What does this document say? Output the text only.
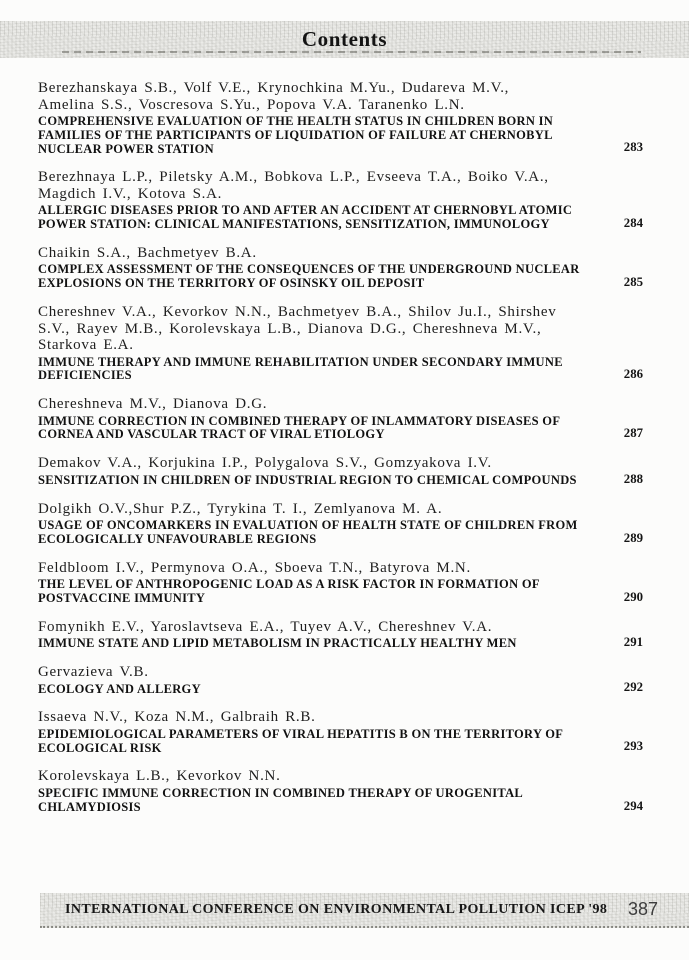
Contents

Berezhanskaya S.B., Volf V.E., Krynochkina M.Yu., Dudareva M.V., Amelina S.S., Voscresova S.Yu., Popova V.A. Taranenko L.N.

COMPREHENSIVE EVALUATION OF THE HEALTH STATUS IN CHILDREN BORN IN FAMILIES OF THE PARTICIPANTS OF LIQUIDATION OF FAILURE AT CHERNOBYL NUCLEAR POWER STATION	283

Berezhnaya L.P., Piletsky A.M., Bobkova L.P., Evseeva T.A., Boiko V.A., Magdich I.V., Kotova S.A.

ALLERGIC DISEASES PRIOR TO AND AFTER AN ACCIDENT AT CHERNOBYL ATOMIC POWER STATION: CLINICAL MANIFESTATIONS, SENSITIZATION, IMMUNOLOGY	284

Chaikin S.A., Bachmetyev B.A.

COMPLEX ASSESSMENT OF THE CONSEQUENCES OF THE UNDERGROUND NUCLEAR EXPLOSIONS ON THE TERRITORY OF OSINSKY OIL DEPOSIT	285

Chereshnev V.A., Kevorkov N.N., Bachmetyev B.A., Shilov Ju.I., Shirshev S.V., Rayev M.B., Korolevskaya L.B., Dianova D.G., Chereshneva M.V., Starkova E.A.

IMMUNE THERAPY AND IMMUNE REHABILITATION UNDER SECONDARY IMMUNE DEFICIENCIES	286

Chereshneva M.V., Dianova D.G.

IMMUNE CORRECTION IN COMBINED THERAPY OF INLAMMATORY DISEASES OF CORNEA AND VASCULAR TRACT OF VIRAL ETIOLOGY	287

Demakov V.A., Korjukina I.P., Polygalova S.V., Gomzyakova I.V.

SENSITIZATION IN CHILDREN OF INDUSTRIAL REGION TO CHEMICAL COMPOUNDS	288

Dolgikh O.V.,Shur P.Z., Tyrykina T. I., Zemlyanova M. A.

USAGE OF ONCOMARKERS IN EVALUATION OF HEALTH STATE OF CHILDREN FROM ECOLOGICALLY UNFAVOURABLE REGIONS	289

Feldbloom I.V., Permynova O.A., Sboeva T.N., Batyrova M.N.

THE LEVEL OF ANTHROPOGENIC LOAD AS A RISK FACTOR IN FORMATION OF POSTVACCINE IMMUNITY	290

Fomynikh E.V., Yaroslavtseva E.A., Tuyev A.V., Chereshnev V.A.

IMMUNE STATE AND LIPID METABOLISM IN PRACTICALLY HEALTHY MEN	291

Gervazieva V.B.

ECOLOGY AND ALLERGY	292

Issaeva N.V., Koza N.M., Galbraih R.B.

EPIDEMIOLOGICAL PARAMETERS OF VIRAL HEPATITIS B ON THE TERRITORY OF ECOLOGICAL RISK	293

Korolevskaya L.B., Kevorkov N.N.

SPECIFIC IMMUNE CORRECTION IN COMBINED THERAPY OF UROGENITAL CHLAMYDIOSIS	294
INTERNATIONAL CONFERENCE ON ENVIRONMENTAL POLLUTION ICEP '98 387
